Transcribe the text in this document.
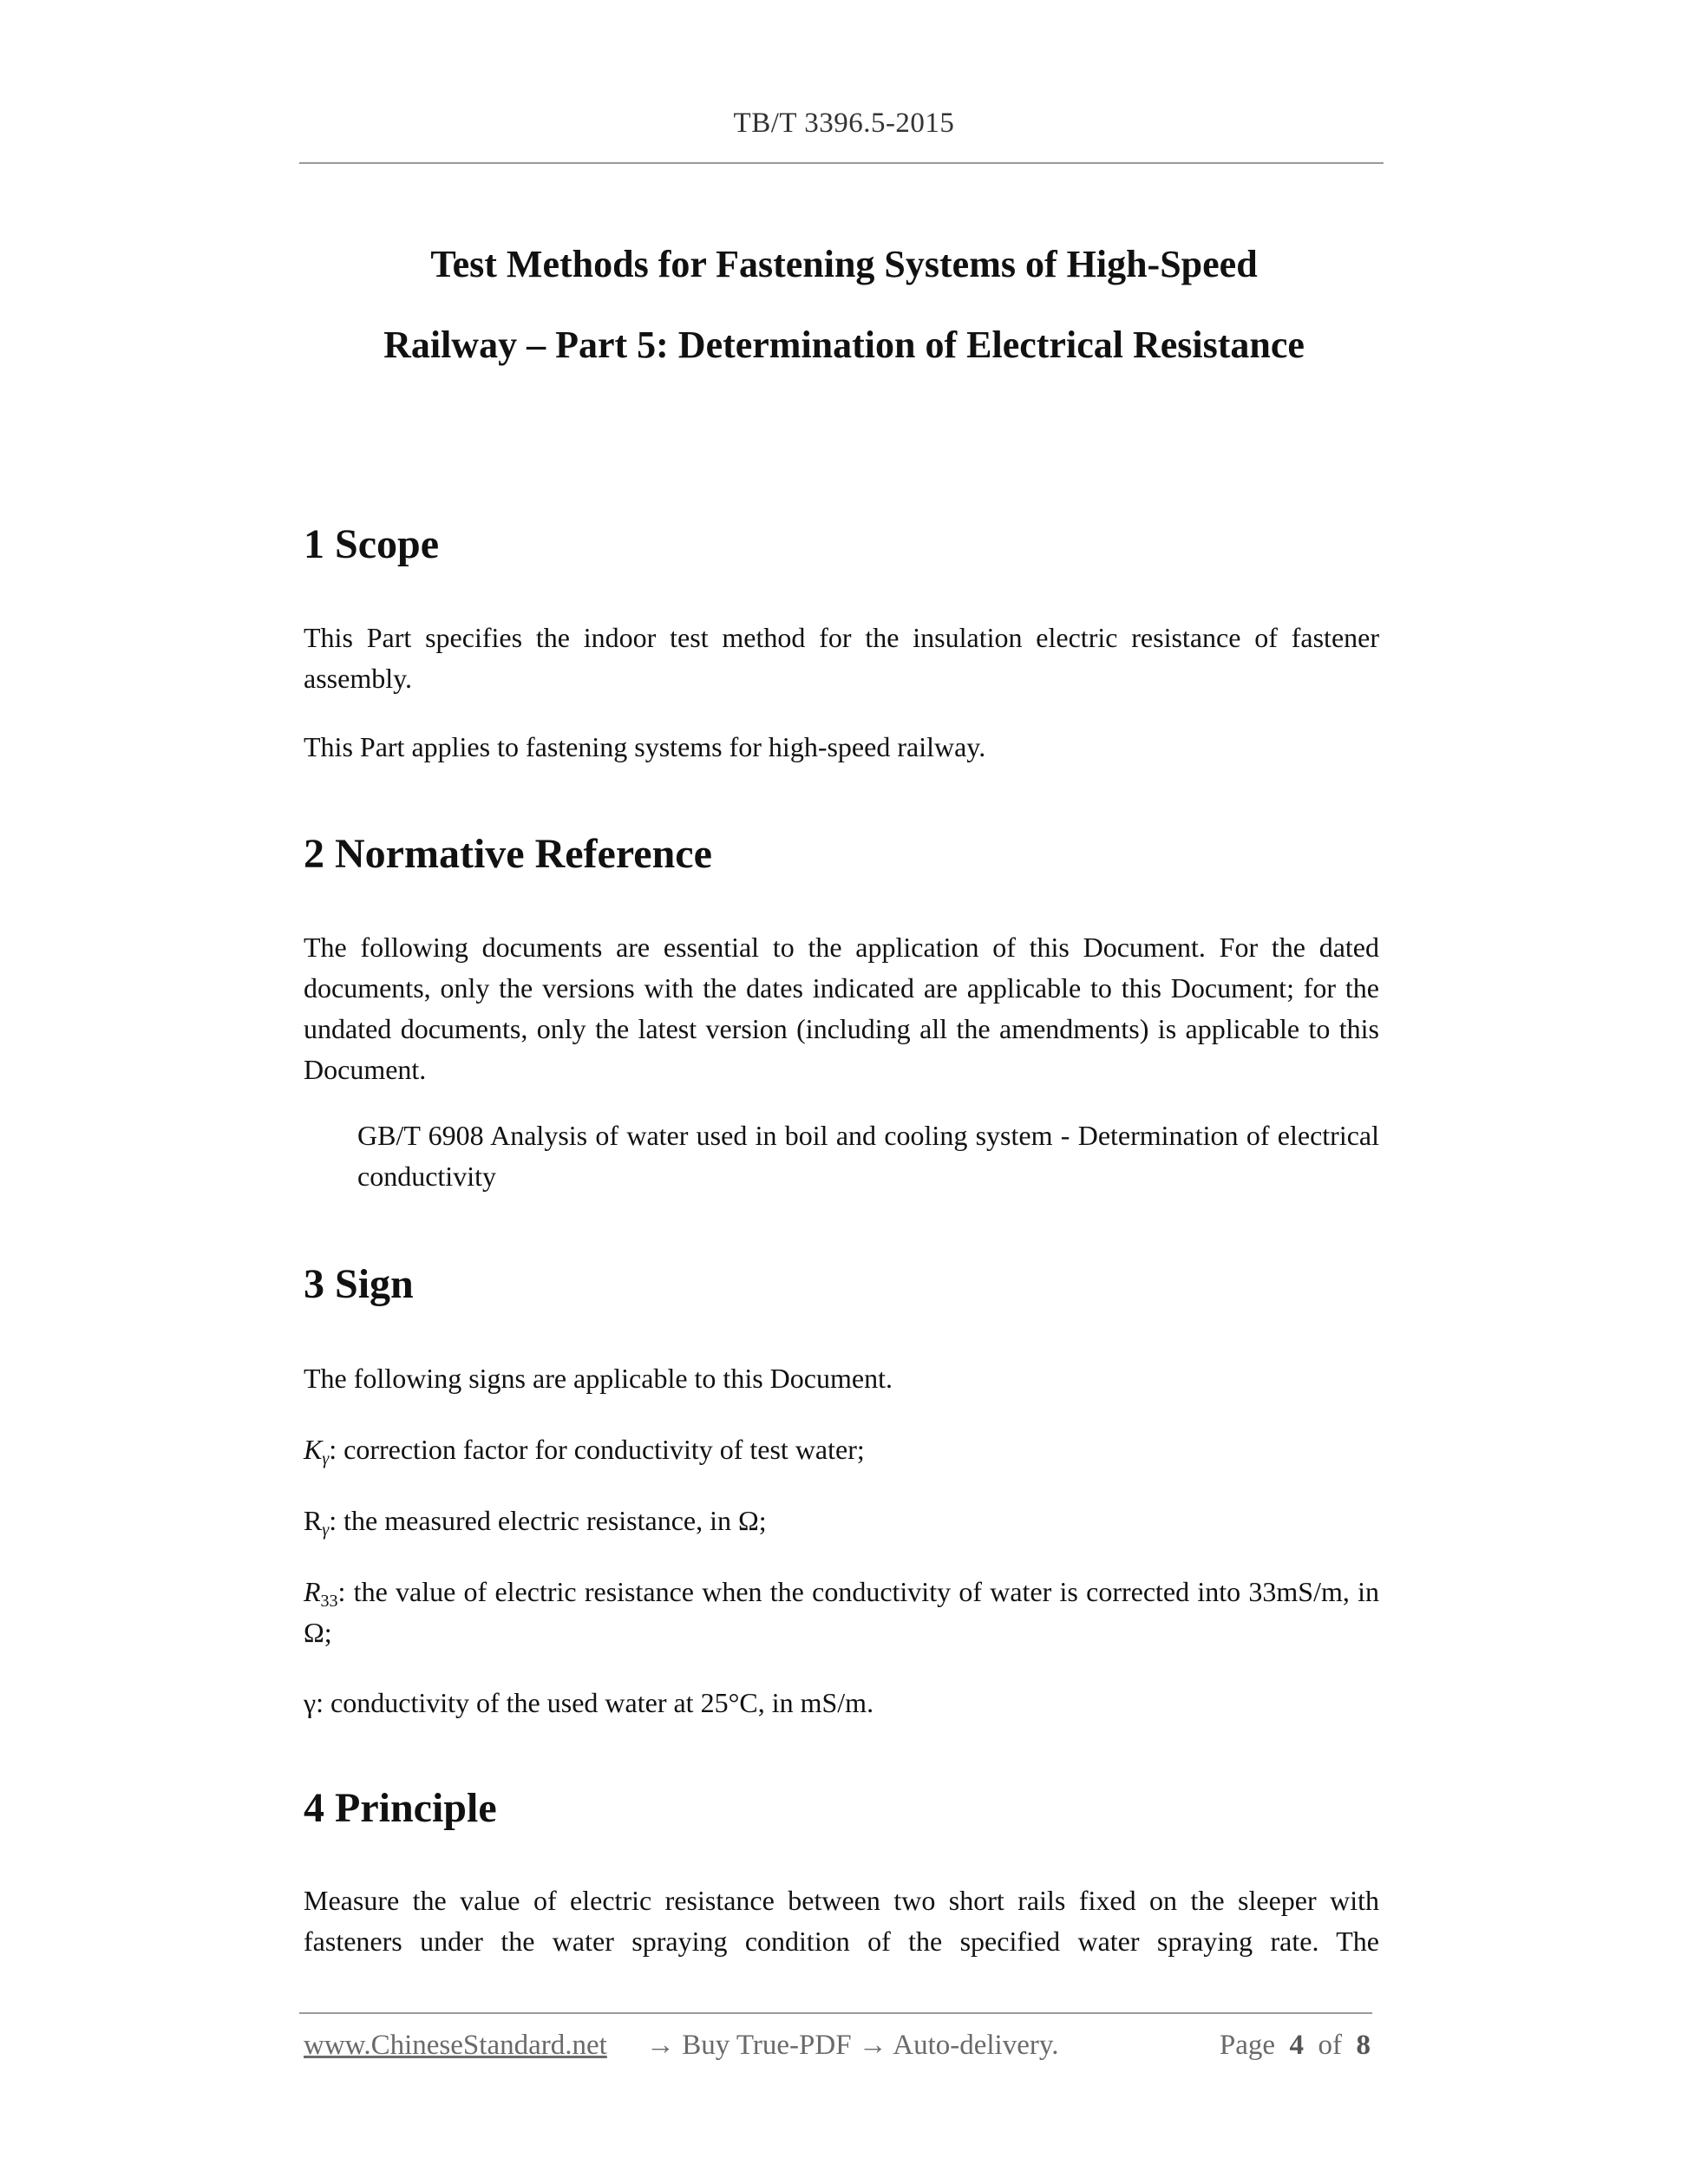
TB/T 3396.5-2015
Test Methods for Fastening Systems of High-Speed
Railway – Part 5: Determination of Electrical Resistance
1 Scope

This Part specifies the indoor test method for the insulation electric resistance of fastener assembly.

This Part applies to fastening systems for high-speed railway.

2 Normative Reference

The following documents are essential to the application of this Document. For the dated documents, only the versions with the dates indicated are applicable to this Document; for the undated documents, only the latest version (including all the amendments) is applicable to this Document.

GB/T 6908 Analysis of water used in boil and cooling system - Determination of electrical conductivity

3 Sign

The following signs are applicable to this Document.

$K_\gamma$: correction factor for conductivity of test water;

$R_\gamma$: the measured electric resistance, in Ω;

$R_{33}$: the value of electric resistance when the conductivity of water is corrected into 33mS/m, in Ω;

γ: conductivity of the used water at 25°C, in mS/m.

4 Principle

Measure the value of electric resistance between two short rails fixed on the sleeper with fasteners under the water spraying condition of the specified water spraying rate. The

www.ChineseStandard.net → Buy True-PDF → Auto-delivery.	Page 4 of 8
